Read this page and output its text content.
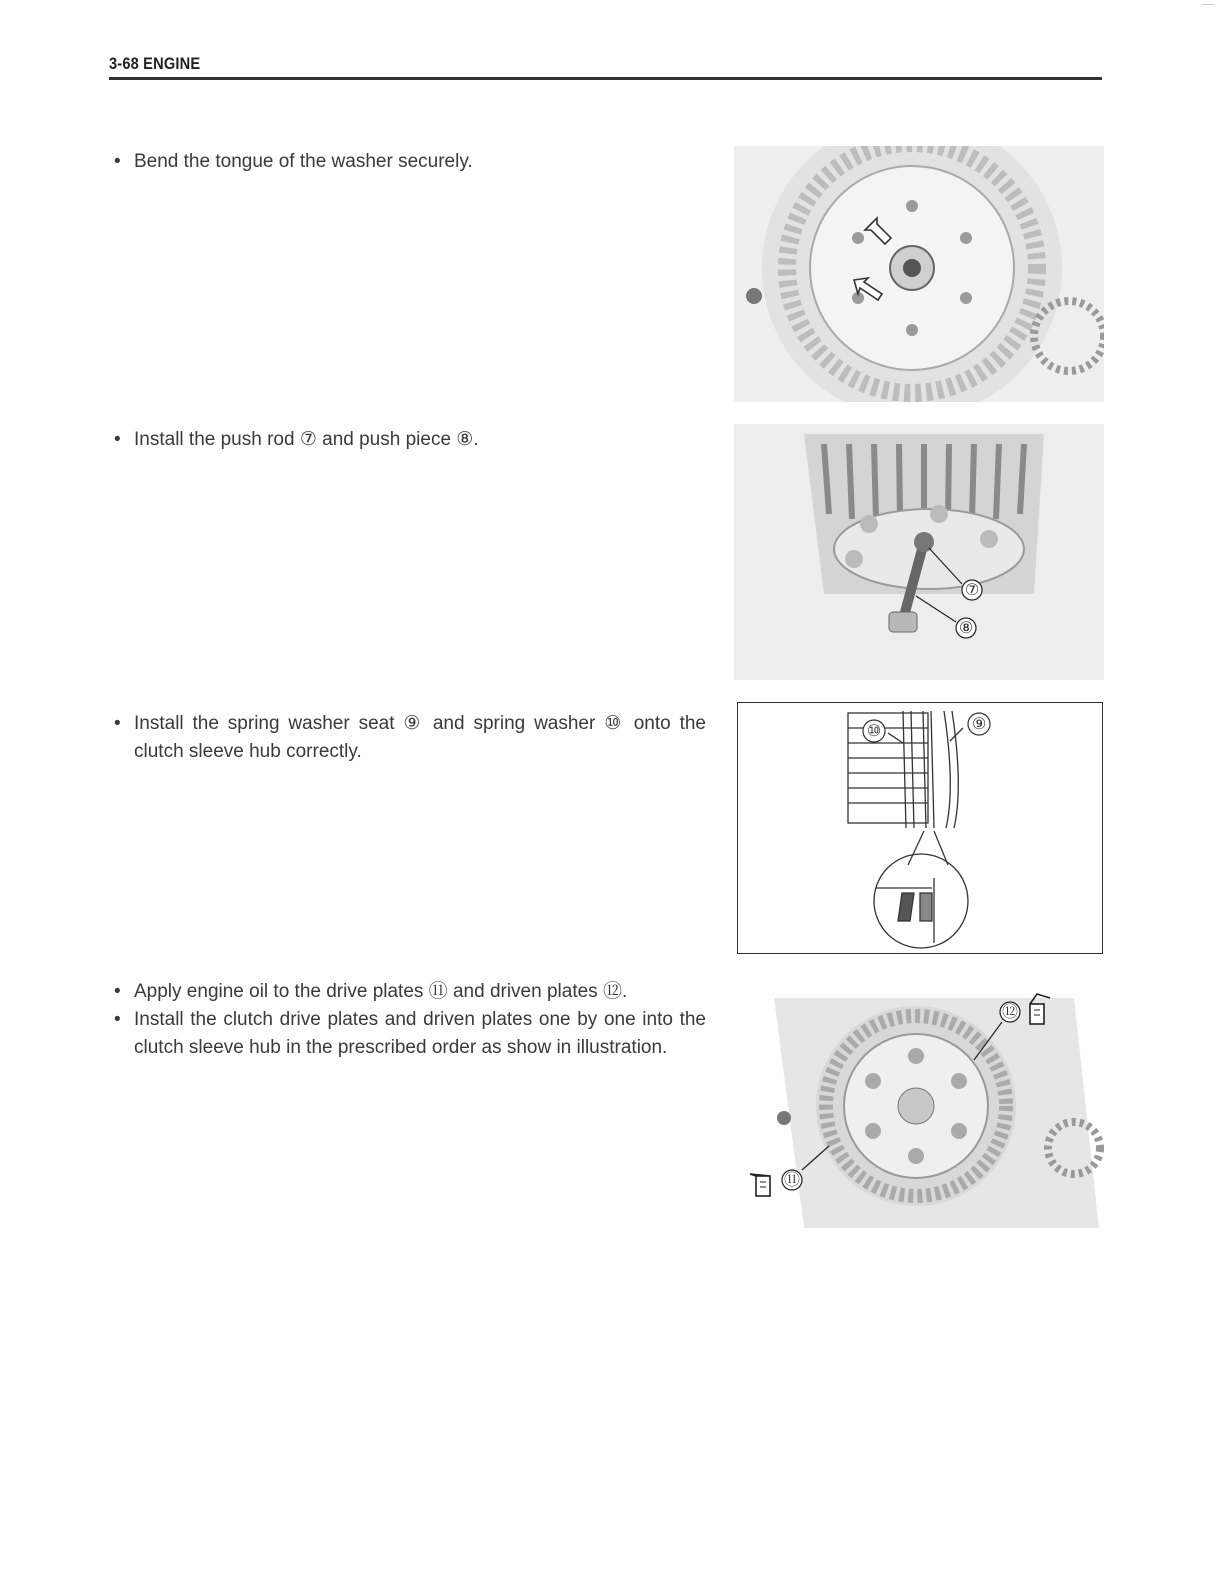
3-68 ENGINE
• Bend the tongue of the washer securely.
• Install the push rod ⑦ and push piece ⑧.
• Install the spring washer seat ⑨ and spring washer ⑩ onto the clutch sleeve hub correctly.
• Apply engine oil to the drive plates ⑪ and driven plates ⑫.
• Install the clutch drive plates and driven plates one by one into the clutch sleeve hub in the prescribed order as show in illustration.
⑦
⑧
⑩	⑨
⑫
⑪
